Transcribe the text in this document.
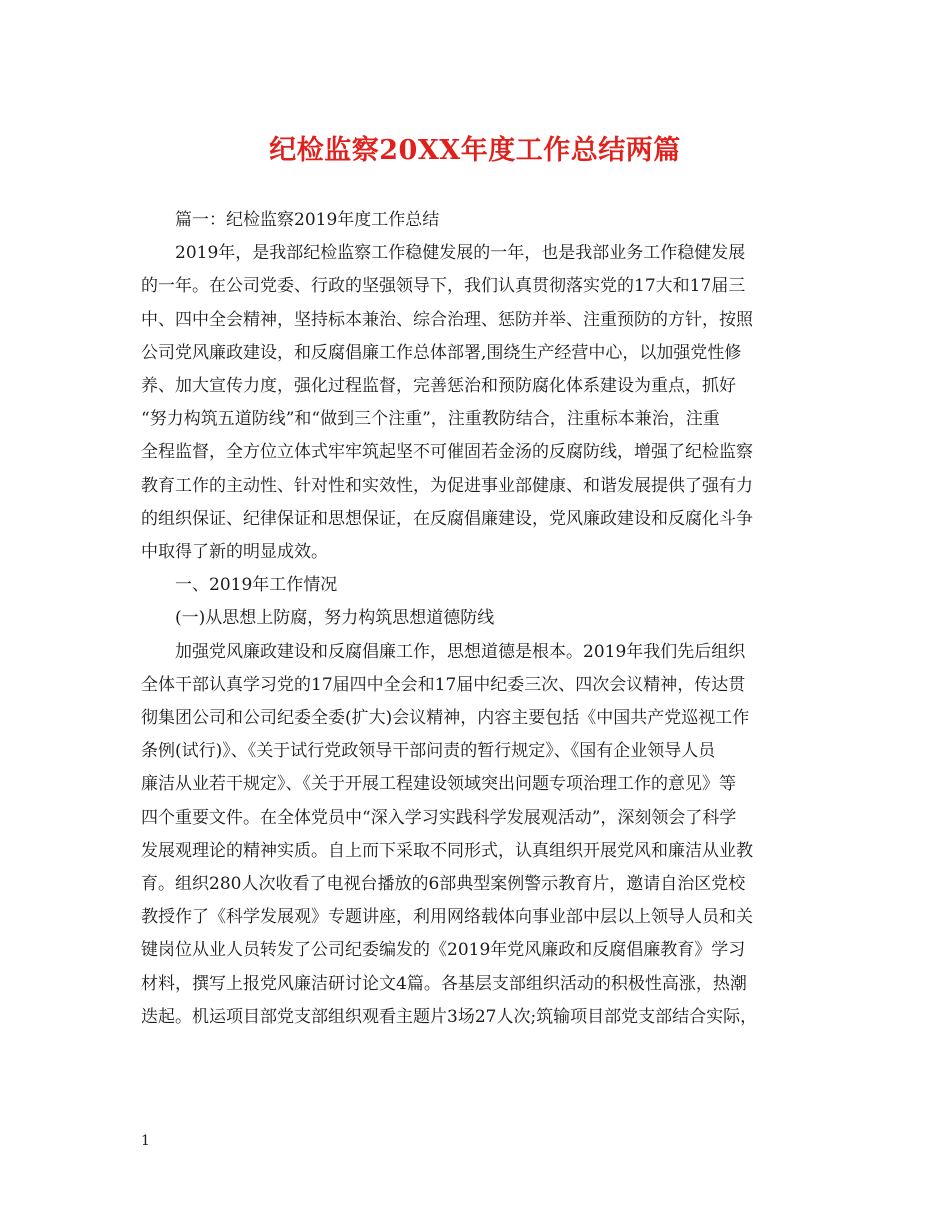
纪检监察20XX年度工作总结两篇

篇一：纪检监察2019年度工作总结

2019年，是我部纪检监察工作稳健发展的一年，也是我部业务工作稳健发展
的一年。在公司党委、行政的坚强领导下，我们认真贯彻落实党的17大和17届三
中、四中全会精神，坚持标本兼治、综合治理、惩防并举、注重预防的方针，按照
公司党风廉政建设，和反腐倡廉工作总体部署,围绕生产经营中心，以加强党性修
养、加大宣传力度，强化过程监督，完善惩治和预防腐化体系建设为重点，抓好
“努力构筑五道防线”和“做到三个注重”，注重教防结合，注重标本兼治，注重
全程监督，全方位立体式牢牢筑起坚不可催固若金汤的反腐防线，增强了纪检监察
教育工作的主动性、针对性和实效性，为促进事业部健康、和谐发展提供了强有力
的组织保证、纪律保证和思想保证，在反腐倡廉建设，党风廉政建设和反腐化斗争
中取得了新的明显成效。

一、2019年工作情况

(一)从思想上防腐，努力构筑思想道德防线

加强党风廉政建设和反腐倡廉工作，思想道德是根本。2019年我们先后组织
全体干部认真学习党的17届四中全会和17届中纪委三次、四次会议精神，传达贯
彻集团公司和公司纪委全委(扩大)会议精神，内容主要包括《中国共产党巡视工作
条例(试行)》、《关于试行党政领导干部问责的暂行规定》、《国有企业领导人员
廉洁从业若干规定》、《关于开展工程建设领域突出问题专项治理工作的意见》等
四个重要文件。在全体党员中“深入学习实践科学发展观活动”，深刻领会了科学
发展观理论的精神实质。自上而下采取不同形式，认真组织开展党风和廉洁从业教
育。组织280人次收看了电视台播放的6部典型案例警示教育片，邀请自治区党校
教授作了《科学发展观》专题讲座，利用网络载体向事业部中层以上领导人员和关
键岗位从业人员转发了公司纪委编发的《2019年党风廉政和反腐倡廉教育》学习
材料，撰写上报党风廉洁研讨论文4篇。各基层支部组织活动的积极性高涨，热潮
迭起。机运项目部党支部组织观看主题片3场27人次;筑输项目部党支部结合实际，

1
